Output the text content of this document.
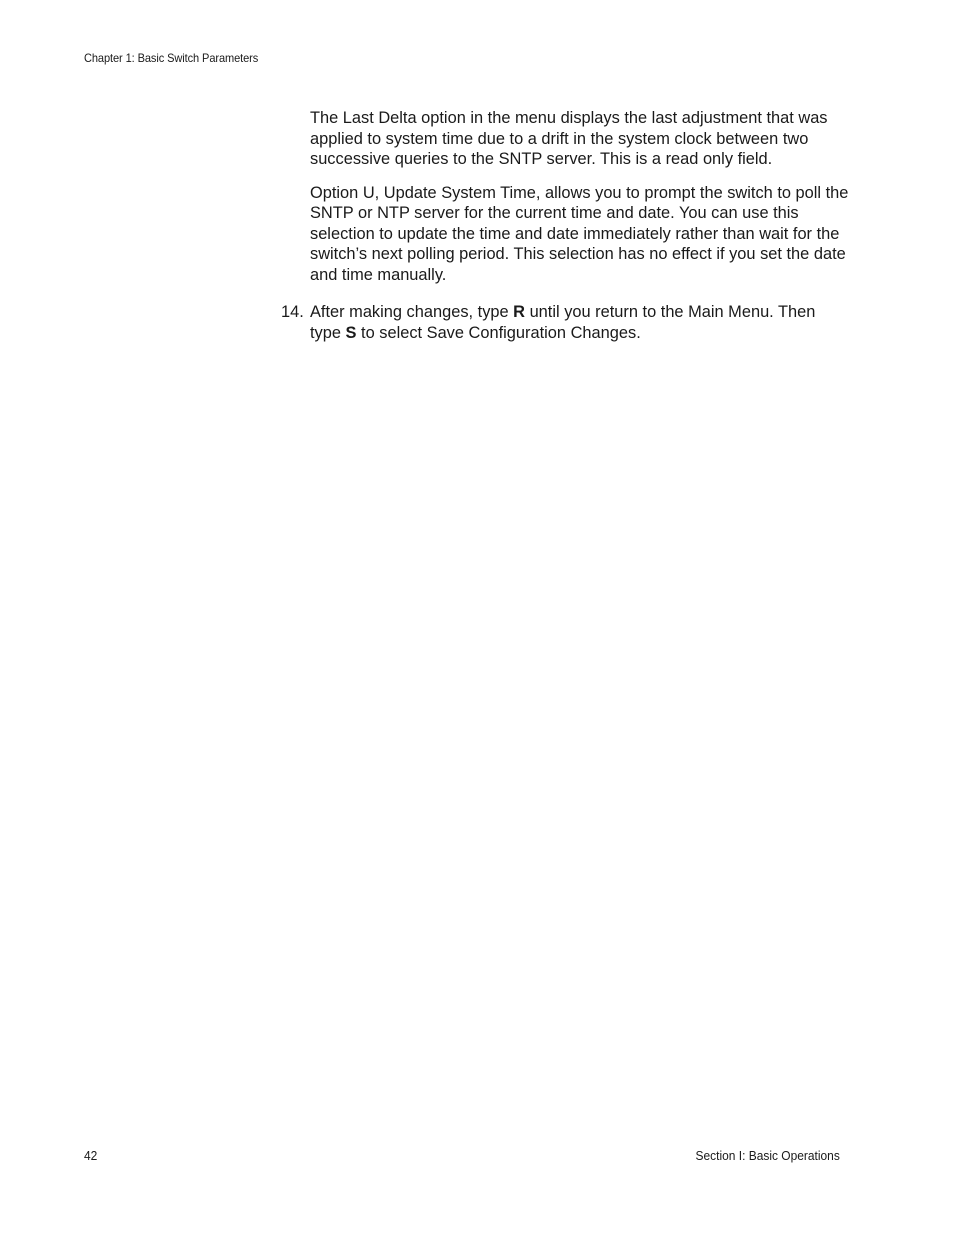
Chapter 1: Basic Switch Parameters

The Last Delta option in the menu displays the last adjustment that was applied to system time due to a drift in the system clock between two successive queries to the SNTP server. This is a read only field.

Option U, Update System Time, allows you to prompt the switch to poll the SNTP or NTP server for the current time and date. You can use this selection to update the time and date immediately rather than wait for the switch’s next polling period. This selection has no effect if you set the date and time manually.

14. After making changes, type R until you return to the Main Menu. Then type S to select Save Configuration Changes.
42	Section I: Basic Operations
